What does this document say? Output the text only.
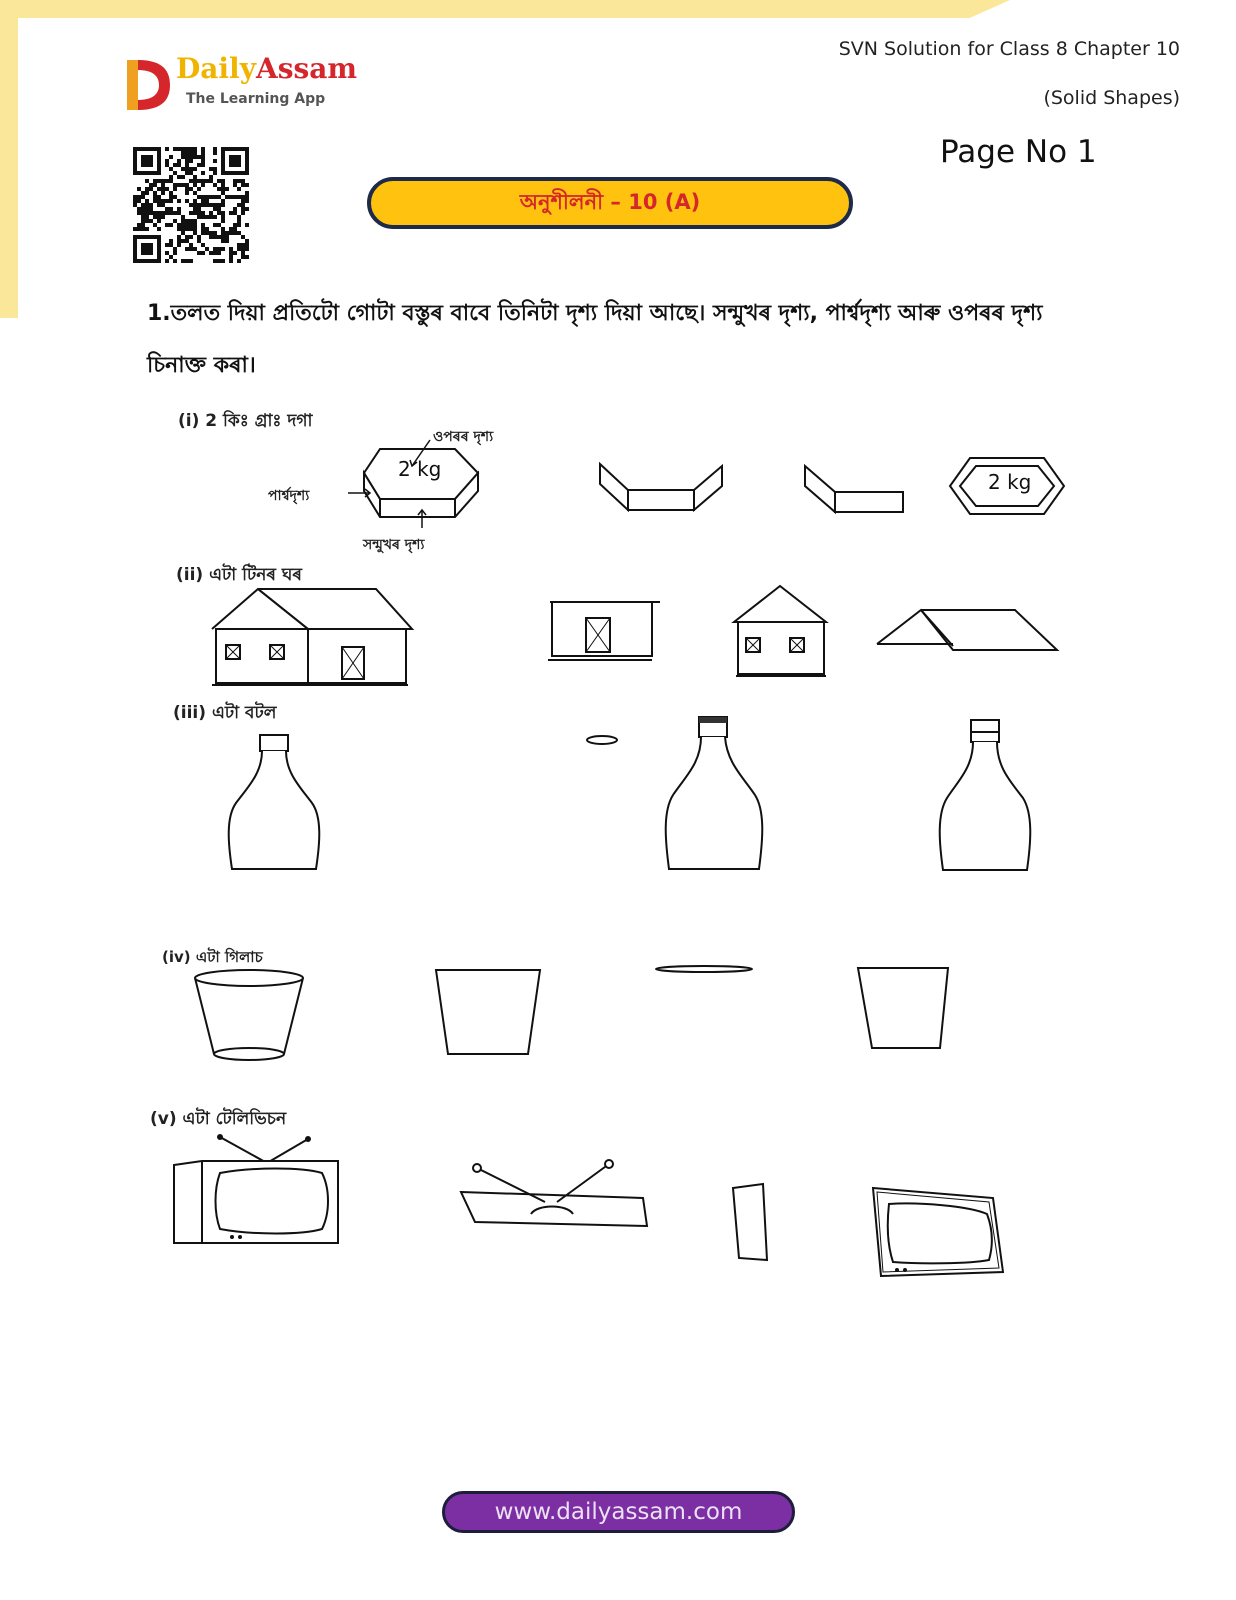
DailyAssam
The Learning App
SVN Solution for Class 8 Chapter 10
(Solid Shapes)
Page No 1
অনুশীলনী – 10 (A)
1.তলত দিয়া প্ৰতিটো গোটা বস্তুৰ বাবে তিনিটা দৃশ্য দিয়া আছে। সন্মুখৰ দৃশ্য, পাৰ্শ্বদৃশ্য আৰু ওপৰৰ দৃশ্য চিনাক্ত কৰা।
(i) 2 কিঃ গ্ৰাঃ দগা
2 kg
ওপৰৰ দৃশ্য
পাৰ্শ্বদৃশ্য
সন্মুখৰ দৃশ্য
2 kg
(ii) এটা টিনৰ ঘৰ
(iii) এটা বটল
(iv) এটা গিলাচ
(v) এটা টেলিভিচন
www.dailyassam.com
